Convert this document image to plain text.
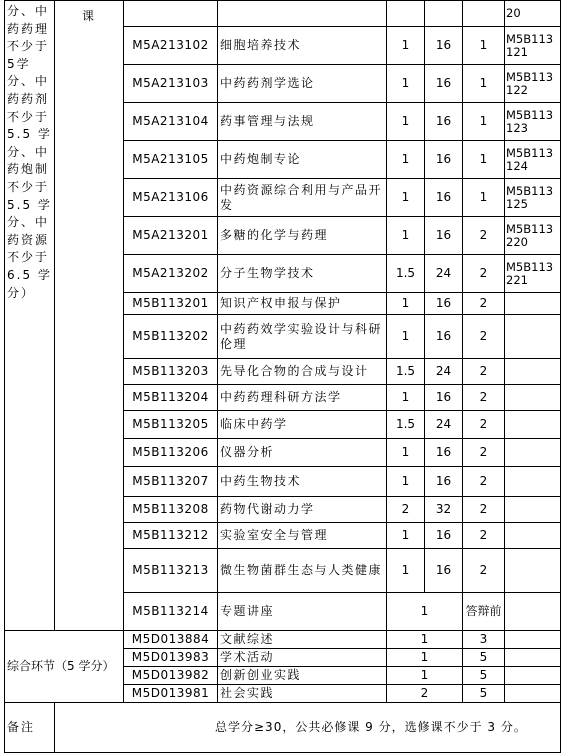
分、中药药理不少于5学分、中药药剂不少于 5.5 学分、中药炮制不少于 5.5 学分、中药资源不少于 6.5 学分）	课						20
		M5A213102	细胞培养技术	1	16	1	M5B113121
		M5A213103	中药药剂学选论	1	16	1	M5B113122
		M5A213104	药事管理与法规	1	16	1	M5B113123
		M5A213105	中药炮制专论	1	16	1	M5B113124
		M5A213106	中药资源综合利用与产品开发	1	16	1	M5B113125
		M5A213201	多糖的化学与药理	1	16	2	M5B113220
		M5A213202	分子生物学技术	1.5	24	2	M5B113221
		M5B113201	知识产权申报与保护	1	16	2	
		M5B113202	中药药效学实验设计与科研伦理	1	16	2	
		M5B113203	先导化合物的合成与设计	1.5	24	2	
		M5B113204	中药药理科研方法学	1	16	2	
		M5B113205	临床中药学	1.5	24	2	
		M5B113206	仪器分析	1	16	2	
		M5B113207	中药生物技术	1	16	2	
		M5B113208	药物代谢动力学	2	32	2	
		M5B113212	实验室安全与管理	1	16	2	
		M5B113213	微生物菌群生态与人类健康	1	16	2	
		M5B113214	专题讲座	1		答辩前	
综合环节（5 学分）		M5D013884	文献综述	1		3	
		M5D013983	学术活动	1		5	
		M5D013982	创新创业实践	1		5	
		M5D013981	社会实践	2		5	
备注	总学分≥30，公共必修课 9 分，选修课不少于 3 分。						
